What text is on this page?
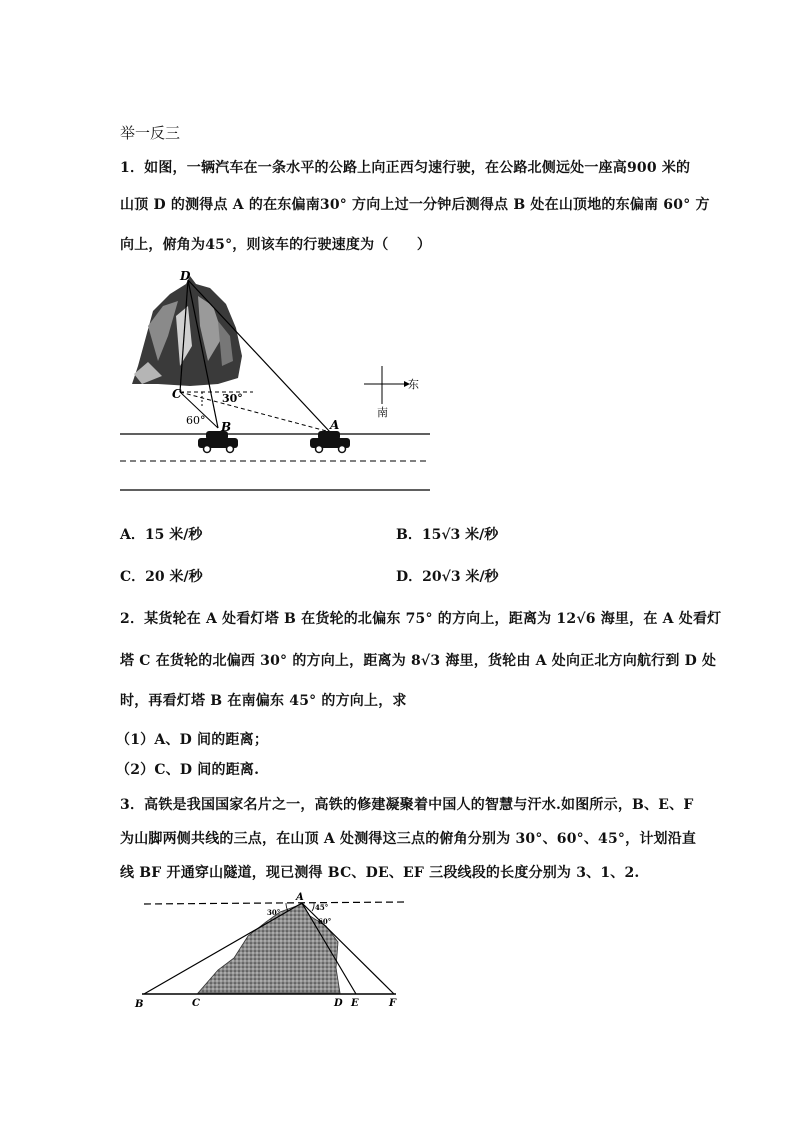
举一反三
1．如图，一辆汽车在一条水平的公路上向正西匀速行驶，在公路北侧远处一座高900 米的
山顶 D 的测得点 A 的在东偏南30° 方向上过一分钟后测得点 B 处在山顶地的东偏南 60° 方
向上，俯角为45°，则该车的行驶速度为（　　）
东
南
D
C
B	A
30°
60°
A．15 米/秒	B．15√3 米/秒
C．20 米/秒	D．20√3 米/秒
2．某货轮在 A 处看灯塔 B 在货轮的北偏东 75° 的方向上，距离为 12√6 海里，在 A 处看灯
塔 C 在货轮的北偏西 30° 的方向上，距离为 8√3 海里，货轮由 A 处向正北方向航行到 D 处
时，再看灯塔 B 在南偏东 45° 的方向上，求
（1）A、D 间的距离；
（2）C、D 间的距离.
3．高铁是我国国家名片之一，高铁的修建凝聚着中国人的智慧与汗水.如图所示，B、E、F
为山脚两侧共线的三点，在山顶 A 处测得这三点的俯角分别为 30°、60°、45°，计划沿直
线 BF 开通穿山隧道，现已测得 BC、DE、EF 三段线段的长度分别为 3、1、2.
A
B	C	D E	F
30°
45°
60°
